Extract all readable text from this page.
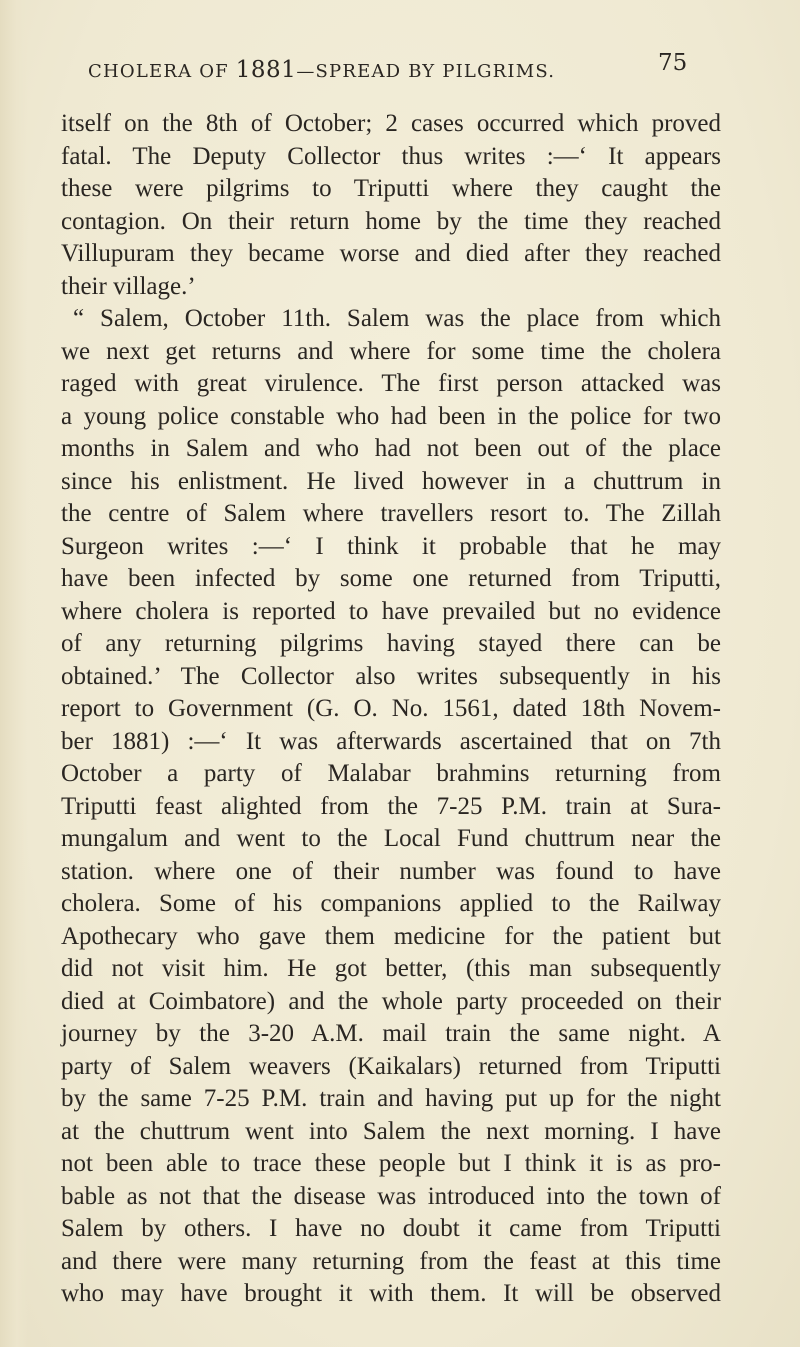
CHOLERA OF 1881—SPREAD BY PILGRIMS.	75
itself on the 8th of October; 2 cases occurred which proved
fatal. The Deputy Collector thus writes :—‘ It appears
these were pilgrims to Triputti where they caught the
contagion. On their return home by the time they reached
Villupuram they became worse and died after they reached
their village.’
“ Salem, October 11th. Salem was the place from which
we next get returns and where for some time the cholera
raged with great virulence. The first person attacked was
a young police constable who had been in the police for two
months in Salem and who had not been out of the place
since his enlistment. He lived however in a chuttrum in
the centre of Salem where travellers resort to. The Zillah
Surgeon writes :—‘ I think it probable that he may
have been infected by some one returned from Triputti,
where cholera is reported to have prevailed but no evidence
of any returning pilgrims having stayed there can be
obtained.’ The Collector also writes subsequently in his
report to Government (G. O. No. 1561, dated 18th Novem-
ber 1881) :—‘ It was afterwards ascertained that on 7th
October a party of Malabar brahmins returning from
Triputti feast alighted from the 7-25 P.M. train at Sura-
mungalum and went to the Local Fund chuttrum near the
station. where one of their number was found to have
cholera. Some of his companions applied to the Railway
Apothecary who gave them medicine for the patient but
did not visit him. He got better, (this man subsequently
died at Coimbatore) and the whole party proceeded on their
journey by the 3-20 A.M. mail train the same night. A
party of Salem weavers (Kaikalars) returned from Triputti
by the same 7-25 P.M. train and having put up for the night
at the chuttrum went into Salem the next morning. I have
not been able to trace these people but I think it is as pro-
bable as not that the disease was introduced into the town of
Salem by others. I have no doubt it came from Triputti
and there were many returning from the feast at this time
who may have brought it with them. It will be observed
